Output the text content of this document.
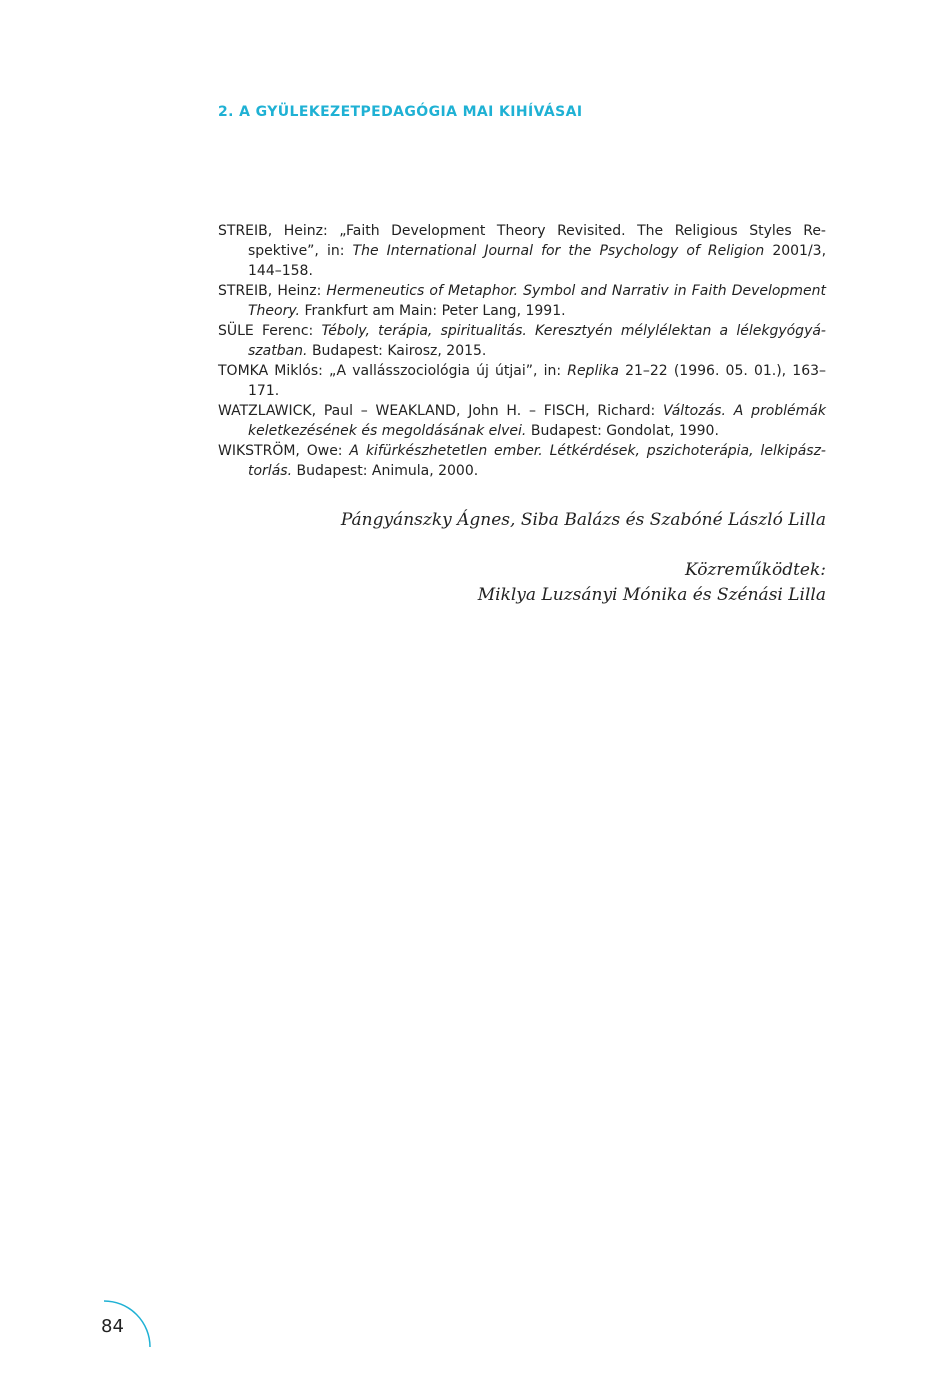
2. A GYÜLEKEZETPEDAGÓGIA MAI KIHÍVÁSAI

STREIB, Heinz: „Faith Development Theory Revisited. The Religious Styles Re-spektive”, in: The International Journal for the Psychology of Religion 2001/3, 144–158.

STREIB, Heinz: Hermeneutics of Metaphor. Symbol and Narrativ in Faith Development Theory. Frankfurt am Main: Peter Lang, 1991.

SÜLE Ferenc: Téboly, terápia, spiritualitás. Keresztyén mélylélektan a lélekgyógyá-szatban. Budapest: Kairosz, 2015.

TOMKA Miklós: „A vallásszociológia új útjai”, in: Replika 21–22 (1996. 05. 01.), 163–171.

WATZLAWICK, Paul – WEAKLAND, John H. – FISCH, Richard: Változás. A problémák keletkezésének és megoldásának elvei. Budapest: Gondolat, 1990.

WIKSTRÖM, Owe: A kifürkészhetetlen ember. Létkérdések, pszichoterápia, lelkipász-torlás. Budapest: Animula, 2000.

Pángyánszky Ágnes, Siba Balázs és Szabóné László Lilla
Közreműködtek:
Miklya Luzsányi Mónika és Szénási Lilla
84
